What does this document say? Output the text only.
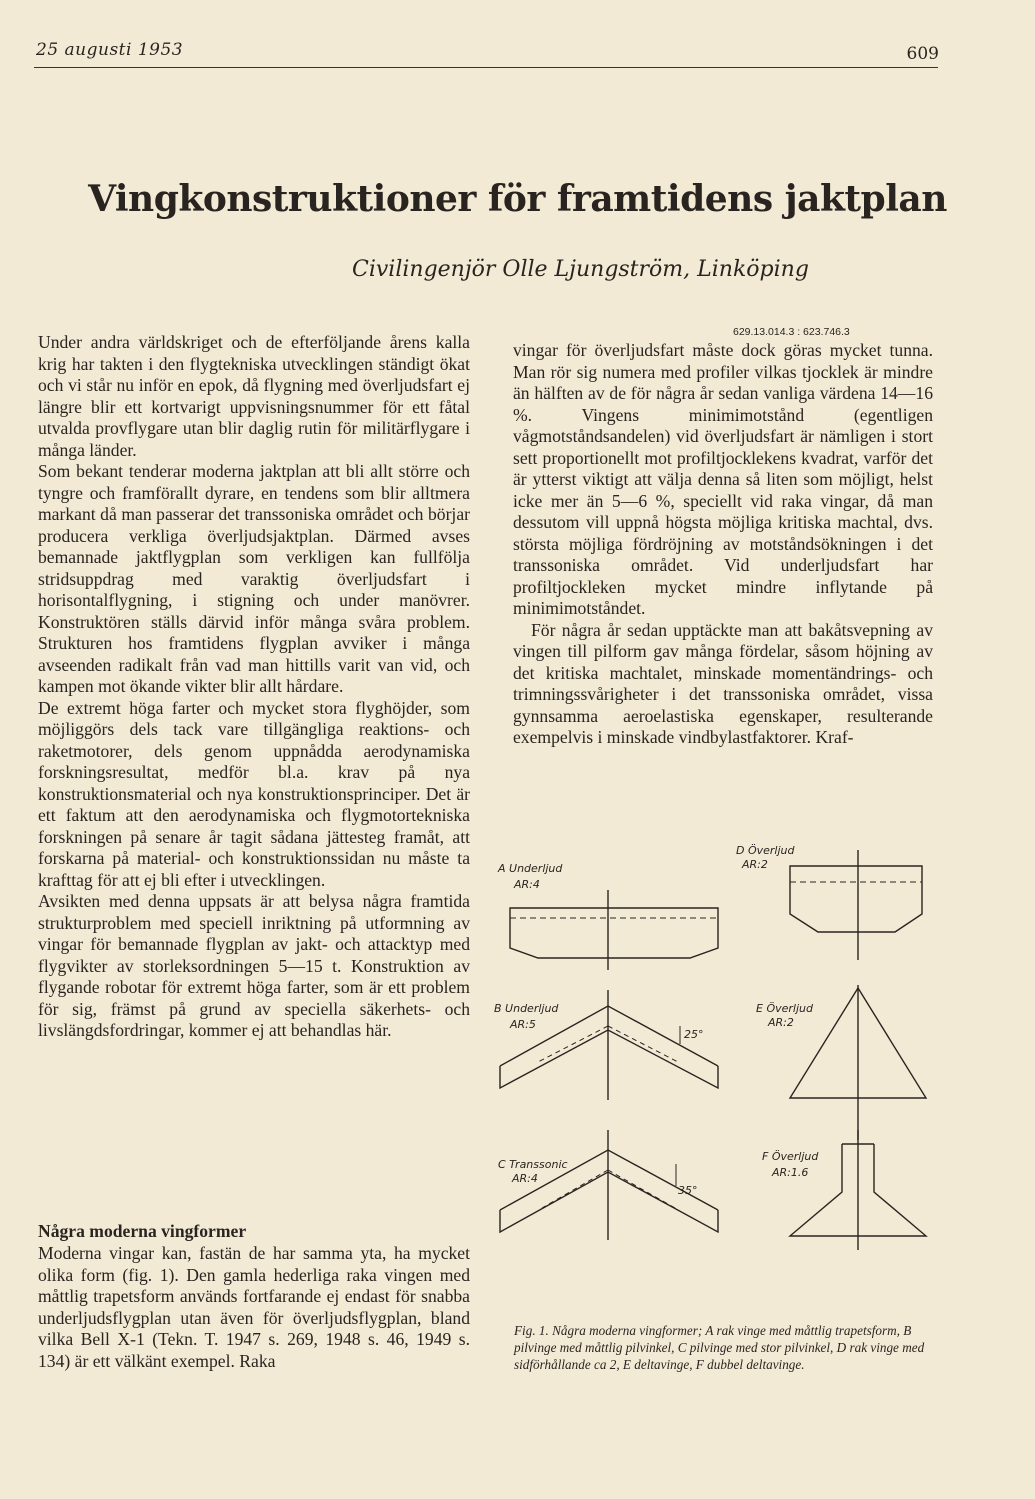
25 augusti 1953	609
Vingkonstruktioner för framtidens jaktplan
Civilingenjör Olle Ljungström, Linköping
629.13.014.3 : 623.746.3

Under andra världskriget och de efterföljande årens kalla krig har takten i den flygtekniska utvecklingen ständigt ökat och vi står nu inför en epok, då flygning med överljudsfart ej längre blir ett kortvarigt uppvisningsnummer för ett fåtal utvalda provflygare utan blir daglig rutin för militärflygare i många länder.

Som bekant tenderar moderna jaktplan att bli allt större och tyngre och framförallt dyrare, en tendens som blir alltmera markant då man passerar det transsoniska området och börjar producera verkliga överljudsjaktplan. Därmed avses bemannade jaktflygplan som verkligen kan fullfölja stridsuppdrag med varaktig överljudsfart i horisontalflygning, i stigning och under manövrer. Konstruktören ställs därvid inför många svåra problem. Strukturen hos framtidens flygplan avviker i många avseenden radikalt från vad man hittills varit van vid, och kampen mot ökande vikter blir allt hårdare.

De extremt höga farter och mycket stora flyghöjder, som möjliggörs dels tack vare tillgängliga reaktions- och raketmotorer, dels genom uppnådda aerodynamiska forskningsresultat, medför bl.a. krav på nya konstruktionsmaterial och nya konstruktionsprinciper. Det är ett faktum att den aerodynamiska och flygmotortekniska forskningen på senare år tagit sådana jättesteg framåt, att forskarna på material- och konstruktionssidan nu måste ta krafttag för att ej bli efter i utvecklingen.

Avsikten med denna uppsats är att belysa några framtida strukturproblem med speciell inriktning på utformning av vingar för bemannade flygplan av jakt- och attacktyp med flygvikter av storleksordningen 5—15 t. Konstruktion av flygande robotar för extremt höga farter, som är ett problem för sig, främst på grund av speciella säkerhets- och livslängdsfordringar, kommer ej att behandlas här.

Några moderna vingformer

Moderna vingar kan, fastän de har samma yta, ha mycket olika form (fig. 1). Den gamla hederliga raka vingen med måttlig trapetsform används fortfarande ej endast för snabba underljudsflygplan utan även för överljudsflygplan, bland vilka Bell X-1 (Tekn. T. 1947 s. 269, 1948 s. 46, 1949 s. 134) är ett välkänt exempel. Raka

vingar för överljudsfart måste dock göras mycket tunna. Man rör sig numera med profiler vilkas tjocklek är mindre än hälften av de för några år sedan vanliga värdena 14—16 %. Vingens minimimotstånd (egentligen vågmotståndsandelen) vid överljudsfart är nämligen i stort sett proportionellt mot profiltjocklekens kvadrat, varför det är ytterst viktigt att välja denna så liten som möjligt, helst icke mer än 5—6 %, speciellt vid raka vingar, då man dessutom vill uppnå högsta möjliga kritiska machtal, dvs. största möjliga fördröjning av motståndsökningen i det transsoniska området. Vid underljudsfart har profiltjockleken mycket mindre inflytande på minimimotståndet.

För några år sedan upptäckte man att bakåtsvepning av vingen till pilform gav många fördelar, såsom höjning av det kritiska machtalet, minskade momentändrings- och trimningssvårigheter i det transsoniska området, vissa gynnsamma aeroelastiska egenskaper, resulterande exempelvis i minskade vindbylastfaktorer. Kraf-

A Underljud
AR:4
D Överljud
AR:2
B Underljud
AR:5
25°
E Överljud
AR:2
C Transsonic
AR:4
35°
F Överljud
AR:1.6
Fig. 1. Några moderna vingformer; A rak vinge med måttlig trapetsform, B pilvinge med måttlig pilvinkel, C pilvinge med stor pilvinkel, D rak vinge med sidförhållande ca 2, E deltavinge, F dubbel deltavinge.
